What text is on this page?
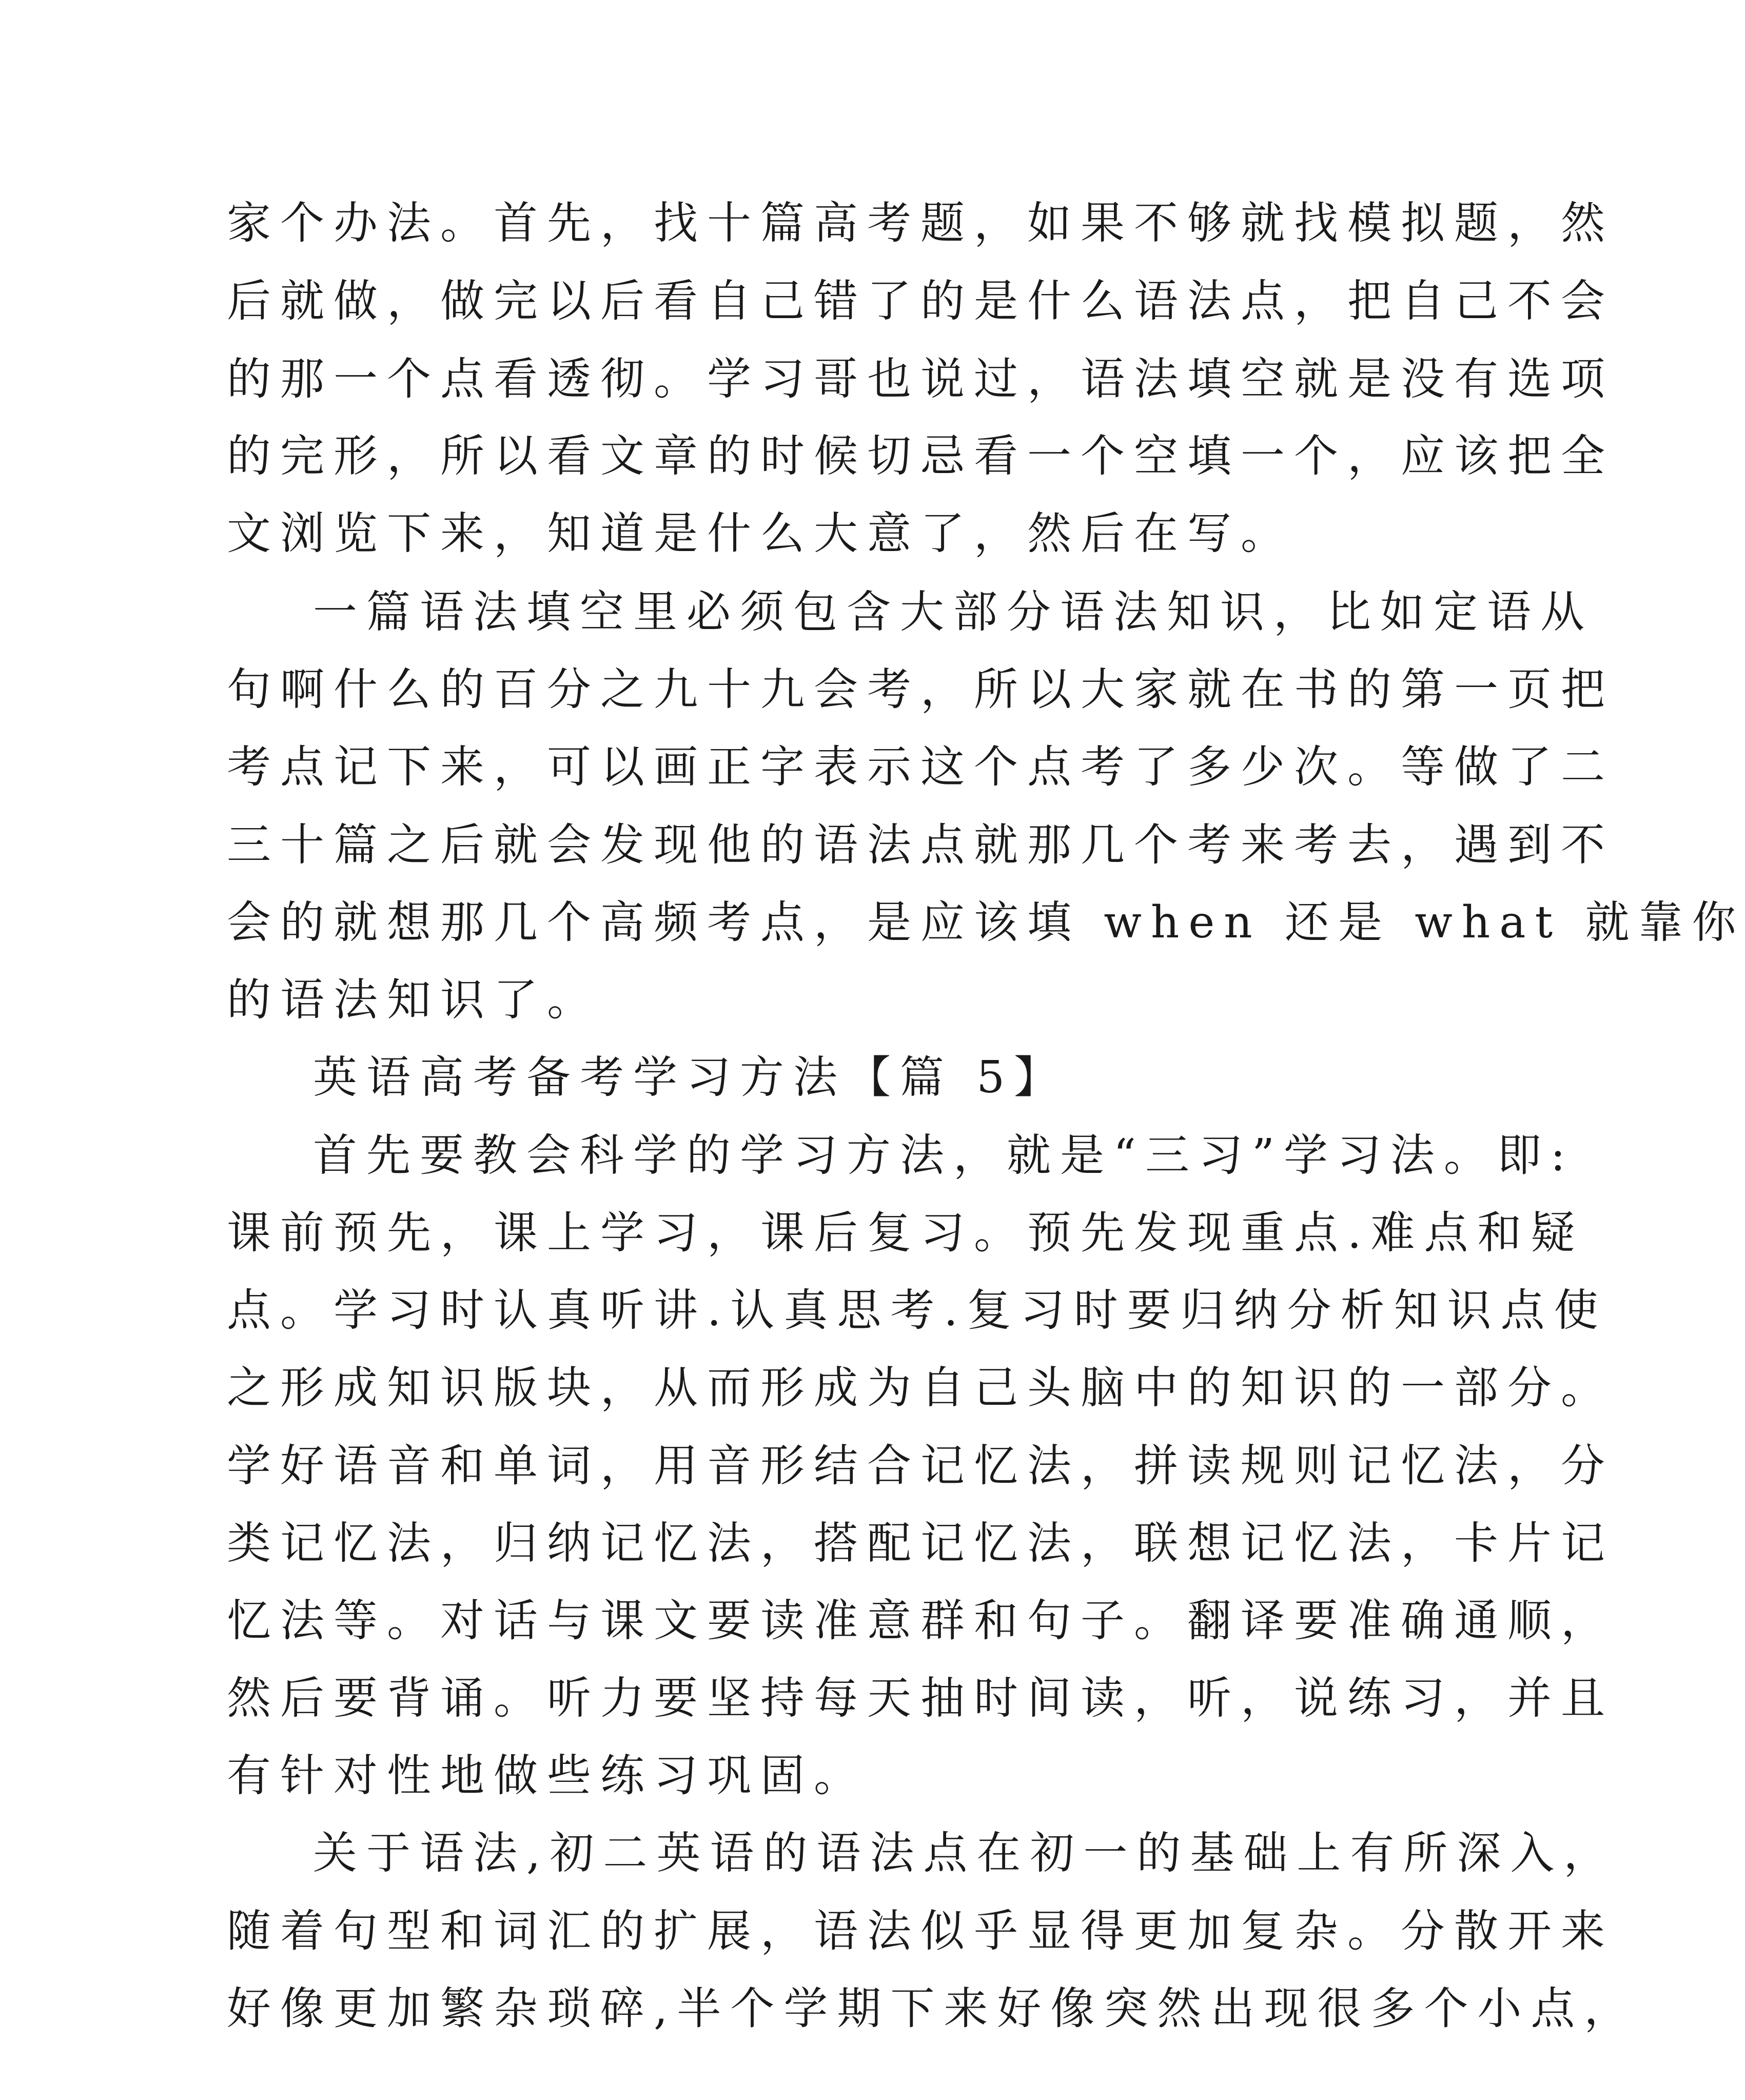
家个办法。首先，找十篇高考题，如果不够就找模拟题，然

后就做，做完以后看自己错了的是什么语法点，把自己不会

的那一个点看透彻。学习哥也说过，语法填空就是没有选项

的完形，所以看文章的时候切忌看一个空填一个，应该把全

文浏览下来，知道是什么大意了，然后在写。

一篇语法填空里必须包含大部分语法知识，比如定语从

句啊什么的百分之九十九会考，所以大家就在书的第一页把

考点记下来，可以画正字表示这个点考了多少次。等做了二

三十篇之后就会发现他的语法点就那几个考来考去，遇到不

会的就想那几个高频考点，是应该填 when 还是 what 就靠你

的语法知识了。

英语高考备考学习方法【篇 5】

首先要教会科学的学习方法，就是“三习”学习法。即:

课前预先，课上学习，课后复习。预先发现重点.难点和疑

点。学习时认真听讲.认真思考.复习时要归纳分析知识点使

之形成知识版块，从而形成为自己头脑中的知识的一部分。

学好语音和单词，用音形结合记忆法，拼读规则记忆法，分

类记忆法，归纳记忆法，搭配记忆法，联想记忆法，卡片记

忆法等。对话与课文要读准意群和句子。翻译要准确通顺，

然后要背诵。听力要坚持每天抽时间读，听，说练习，并且

有针对性地做些练习巩固。

关于语法,初二英语的语法点在初一的基础上有所深入，

随着句型和词汇的扩展，语法似乎显得更加复杂。分散开来

好像更加繁杂琐碎,半个学期下来好像突然出现很多个小点，
